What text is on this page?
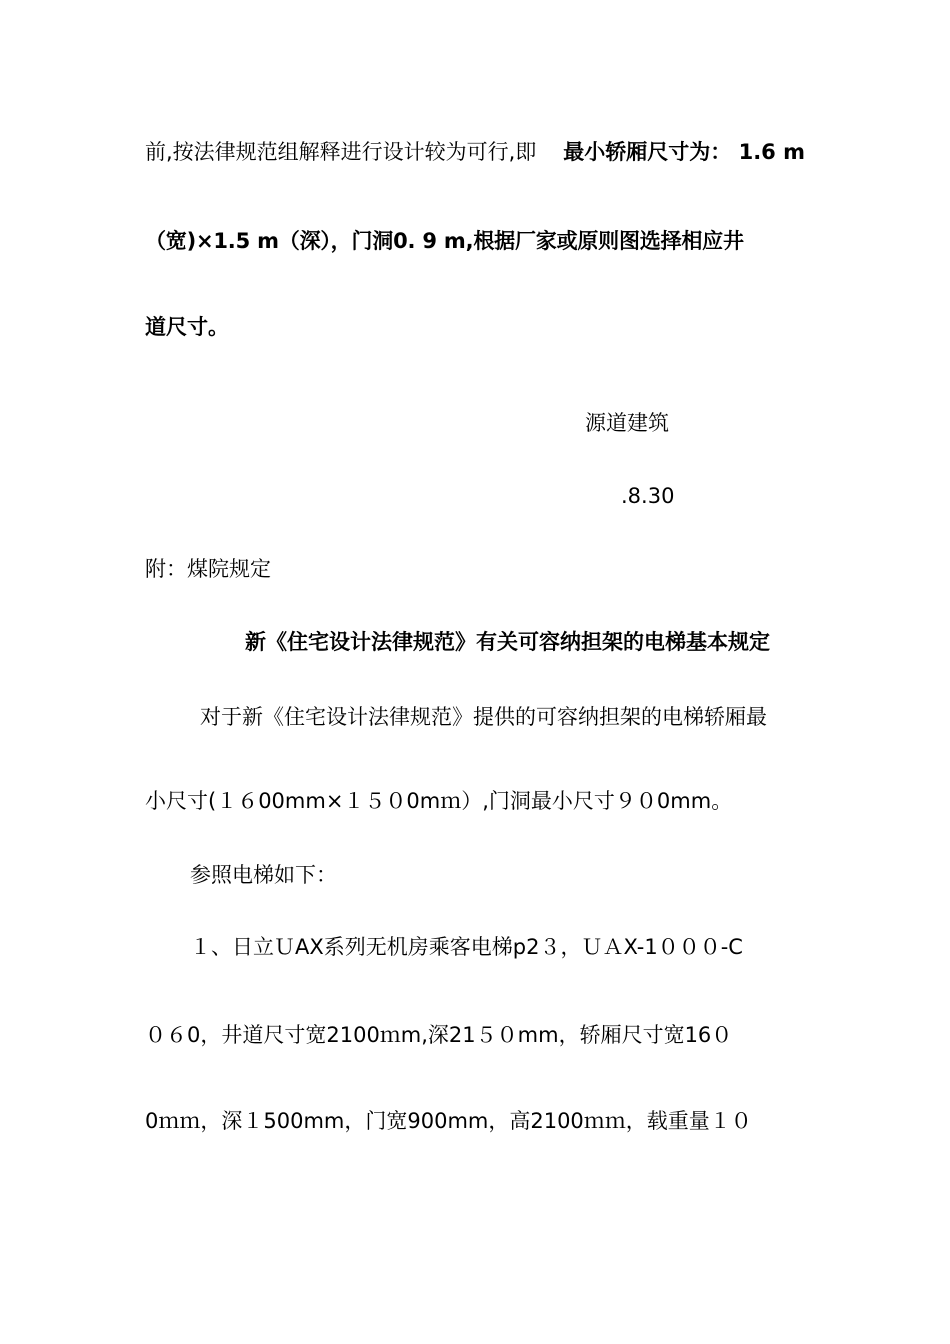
前,按法律规范组解释进行设计较为可行,即 最小轿厢尺寸为： 1.6 m
（宽)×1.5 m（深），门洞0. 9 m,根据厂家或原则图选择相应井
道尺寸。
源道建筑
.8.30
附：煤院规定
新《住宅设计法律规范》有关可容纳担架的电梯基本规定
对于新《住宅设计法律规范》提供的可容纳担架的电梯轿厢最
小尺寸(１６00mm×１５０0mｍ）,门洞最小尺寸９０0mm。
参照电梯如下：
１、日立ＵAX系列无机房乘客电梯p2３，ＵＡX-1０００-C
０６0，井道尺寸宽2100ｍm,深21５０mm，轿厢尺寸宽16０
0ｍｍ，深１500mm，门宽900mm，高2100ｍｍ，载重量１０
